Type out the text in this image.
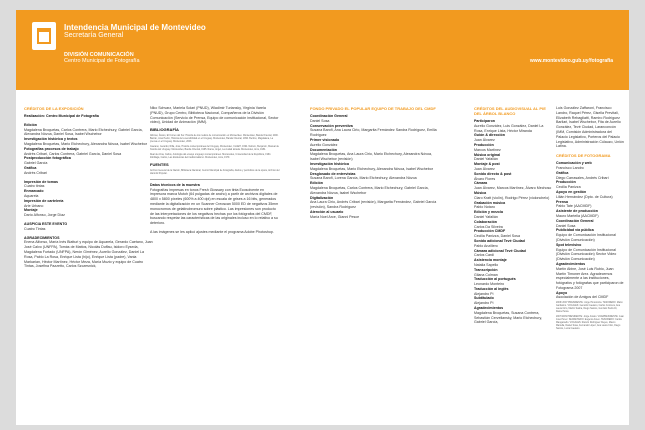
Intendencia Municipal de Montevideo
Secretaría General
DIVISIÓN COMUNICACIÓN
Centro Municipal de Fotografía	www.montevideo.gub.uy/fotografia
CRÉDITOS DE LA EXPOSICIÓN
Realización: Centro Municipal de Fotografía
Edición
Magdalena Broquetas, Carlos Contrera, Mario Etchechury, Gabriel García, Alexandra Nóvoa, Daniel Sosa, Isabel Wschebor
Investigación histórica y textos
Magdalena Broquetas, Mario Etchechury, Alexandra Nóvoa, Isabel Wschebor
Fotografías procesos de trabajo
Andrés Cribari, Carlos Contrera, Gabriel García, Daniel Sosa
Postproducción fotográfica
Gabriel García
Gráfica
Andrés Cribari
Impresión de tomas
Cuatro tintas
Enmarcado
Aquarela
Impresión de cartelería
Arte Urbano
Montaje
Darío Alfonso, Jorge Díaz
AUSPICIA ESTE EVENTO
Cuatro Tintas
AGRADECIMIENTOS
Enena Alfonso, María Inés Biatturi y equipo de Aquarela, Gerardo Caetano, Juan José Calvo (UNFPA), Tomás de Mattos, Nicolás Duffau, Isidoro Eyseda, Magdalena Furtado (UNFPA), Nerón Giménez, Aurelio González, Daniel La Rosa, Pablo La Rosa, Enrique Lista (hijo), Enrique Lista (padre), Vania Markarian, Héctor Martínez, Héctor Meza, María Muzio y equipo de Cuatro Tintas, Josefina Pazzetto, Carlos Szczesnick,
Niko Schvarz, Mariela Solari (PNUD), Wladimir Turiansky, Virginia Varela (PNUD), Grupo Centro, Biblioteca Nacional, Compañeros de la División Comunicación (Servicio de Prensa, Equipo de comunicación institucional, Sector video), Unidad de Animación (IMM).
BIBLIOGRAFÍA

Alfonso, Álvaro, El Correo del Sur. Historia de los medios de comunicación en Montevideo. Montevideo, Banda Oriental, 2000. Barrán, José Pedro, Historia de la sensibilidad en el Uruguay. Montevideo, Banda Oriental, 1990. Bertino, Magdalena, La prensa en el Uruguay. Montevideo, 2003.

Caetano, Gerardo; Rilla, José, Historia contemporánea del Uruguay. Montevideo, CLAEH, 1994. Nahum, Benjamín, Manual de historia del Uruguay. Montevideo, Banda Oriental, 1995. Rama, Ángel, La ciudad letrada. Montevideo, Arca, 1984.

Real de Azúa, Carlos, Antología del ensayo uruguayo contemporáneo. Montevideo, Universidad de la República, 1964. Zubillaga, Carlos, Las disidencias del tradicionalismo. Montevideo, Arca, 1979.

FUENTES

Archivo General de la Nación, Biblioteca Nacional, Centro Municipal de Fotografía, diarios y periódicos de la época, Archivo del diario El Popular.

Datos técnicos de la muestra
Fotografías impresas en tonos Fresh Glossary con tinta Ecosolvente en impresora marca Mutoh (64 pulgadas de ancho) a partir de archivos digitales de 4800 x 5800 píxeles (600% a 400 dpi) en escala de grises a 16 bits, generados mediante la digitalización en un Scanner Creoscan 5000 ED de negativos 35mm monocromos de gelatinobromuro sobre plástico. Las impresiones son producto de las interpretaciones de los negativos hechas por los fotógrafos del CMDF, buscando respetar las características de las originales incluso en lo relativo a su deterioro.
A las imágenes se les aplicó ajustes mediante el programa Adobe Photoshop.
FONDO PRIVADO EL POPULAR EQUIPO DE TRABAJO DEL CMDF
Coordinación General
Daniel Sosa
Conservación preventiva
Susana Barofi, Ana Laura Cirio, Margarita Fernández Sandra Rodríguez, Emilia Rodríguez
Primer visionado
Aurelio González
Documentación
Magdalena Broquetas, Ana Laura Cirio, Mario Etchechury, Alexandra Nóvoa, Isabel Wschebor (revisión)
Investigación histórica
Magdalena Broquetas, Mario Etchechury, Alexandra Nóvoa, Isabel Wschebor
Desglosado de entrevistas
Susana Barofi, Lorena García, Mario Etchechury, Alexandra Nóvoa
Edición
Magdalena Broquetas, Carlos Contrera, Mario Etchechury, Gabriel García, Alexandra Nóvoa, Isabel Wschebor
Digitalización
Ana Laura Cirio, Andrés Cribari (revisión), Margarita Fernández, Gabriel García (revisión), Sandra Rodríguez
Atención al usuario
María Noel Arce, Gianni Pesce
CRÉDITOS DEL AUDIOVISUAL AL PIE DEL ÁRBOL BLANCO
Participaron
Aurelio González, Luis González, Daniel La Rosa, Enrique Lista, Héctor Miranda
Guión & dirección
Juan Álvarez
Producción
Marcos Martínez
Música original
Daniel Yafalián
Montaje & post
Juan Álvarez
Sonido directo & post
Álvaro Flores
Cámara
Juan Álvarez, Marcos Martínez, Álvaro Mechoso
Música
Claro Kratt (violín), Rodrigo Pérez (violonchelo)
Grabación música
Pablo Notaro
Edición y mezcla
Daniel Yafalián
Colaboración
Carlos Da Silveira
Producción CMDF
Cecilia Panizza, Daniel Sosa
Sonido adicional Tevé Ciudad
Pablo Anzillero
Cámara adicional Tevé Ciudad
Carlos Cardi
Asistencia montaje
Natalia Sapello
Transcripción
Gilana Colman
Traducción al portugués
Leonardo Monteiro
Traducción al inglés
Alejandro Pi
Subtitulado
Alejandro Pi
Agradecimientos
Magdalena Broquetas, Susana Contrera, Sebastián Cervellansky, Mario Etchechury, Gabriel García,
Luis González Zaffaroni, Francisco Landro, Raquel Pérez, Gisella Previtali, Elizabeth Rebagliatti, Ramiro Rodríguez Barilari, Isabel Wschebor, Fita de Aurelio González, Tevé Ciudad, Laranconcón (IMM, Comisión Administradora del Palacio Legislativo, Porteros del Palacio Legislativo, Administración Cúlauzo, Unión Latina.
CRÉDITOS DE FOTOGRAMA
Comunicación y web
Francisco Landro
Gráfica
Diego Carrasales, Andrés Cribari
Producción
Cecilia Panizza
Apoyo en gestión
Lilián Hernández (Dpto. de Cultura)
Prensa
Pablo Tate (AACMDF)
Asistente de producción
Mauro Martella (AACMDF)
Coordinación General
Daniel Sosa
Publicidad vía pública
Equipo de Comunicación Institucional (División Comunicación)
Spot televisivo
Equipo de Comunicación Institucional (División Comunicación) Sector Video (División Comunicación)
Agradecimientos
Martín Abine, José Luis Rubio, Juan Martín Timoner Arez. Agradecemos especialmente a las instituciones, fotógrafos y fotógrafas que participaron de Fotograma 2007
Apoyo
Asociación de Amigos del CMDF

2006/ 2007 PRESIDENTE: Jorge Hinostroza. TESORERO: Mario Garbarino. VOCALES: Gerardo Caetano, Carlos Contrera, Ana Laura Cirio, Martín Sasha, Diego Santos, Gonzalo Pedruzzi, Daniel Sosa.

2007/2009 PRESIDENTE: Jorge Amato. VICEPRESIDENTE: Juan José Pérez. SECRETARIO: Eugenio Amen. TESORERO: Carlos Manganiello. VOCALES: Ramón Rodríguez Reyes, Mauro Martella, Daniel Sosa, Fernando López, Ana Laura Cirio, Diego Santos, Lucía Caetano.
